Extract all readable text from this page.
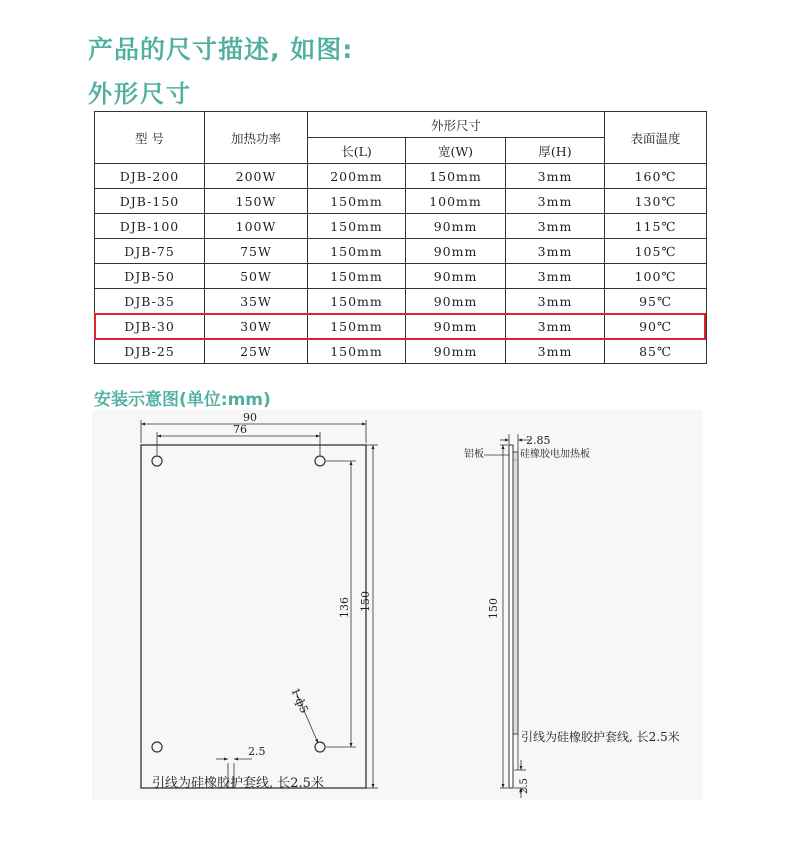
产品的尺寸描述, 如图:
外形尺寸
型 号	加热功率	外形尺寸			表面温度
		长(L)	宽(W)	厚(H)	
DJB-200	200W	200mm	150mm	3mm	160℃
DJB-150	150W	150mm	100mm	3mm	130℃
DJB-100	100W	150mm	90mm	3mm	115℃
DJB-75	75W	150mm	90mm	3mm	105℃
DJB-50	50W	150mm	90mm	3mm	100℃
DJB-35	35W	150mm	90mm	3mm	95℃
DJB-30	30W	150mm	90mm	3mm	90℃
DJB-25	25W	150mm	90mm	3mm	85℃
安装示意图(单位:mm)
90
76
136 150
1-ф5
2.5
引线为硅橡胶护套线, 长2.5米
2.85
铝板	硅橡胶电加热板
150
引线为硅橡胶护套线, 长2.5米
2.5
